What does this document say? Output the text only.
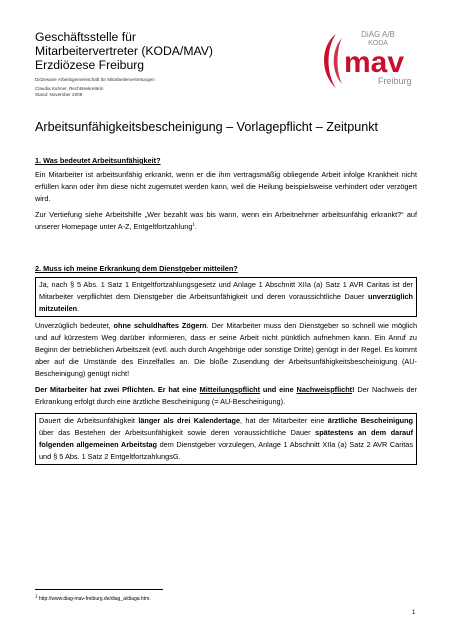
Geschäftsstelle für
Mitarbeitervertreter (KODA/MAV)
Erzdiözese Freiburg
Diözesane Arbeitsgemeinschaft für Mitarbeitervertretungen
Claudia Kuhner, Rechtssekretärin
Stand: November 2008
DiAG A/B
KODA
mav
Freiburg
Arbeitsunfähigkeitsbescheinigung – Vorlagepflicht – Zeitpunkt
1. Was bedeutet Arbeitsunfähigkeit?
Ein Mitarbeiter ist arbeitsunfähig erkrankt, wenn er die ihm vertragsmäßig obliegende Arbeit infolge Krankheit nicht erfüllen kann oder ihm diese nicht zugemutet werden kann, weil die Heilung beispielsweise verhindert oder verzögert wird.
Zur Vertiefung siehe Arbeitshilfe „Wer bezahlt was bis wann, wenn ein Arbeitnehmer arbeitsunfähig erkrankt?“ auf unserer Homepage unter A-Z, Entgeltfortzahlung$^1$.
2. Muss ich meine Erkrankung dem Dienstgeber mitteilen?
Ja, nach § 5 Abs. 1 Satz 1 Entgeltfortzahlungsgesetz und Anlage 1 Abschnitt XIIa (a) Satz 1 AVR Caritas ist der Mitarbeiter verpflichtet dem Dienstgeber die Arbeitsunfähigkeit und deren voraussichtliche Dauer unverzüglich mitzuteilen.
Unverzüglich bedeutet, ohne schuldhaftes Zögern. Der Mitarbeiter muss den Dienstgeber so schnell wie möglich und auf kürzestem Weg darüber informieren, dass er seine Arbeit nicht pünktlich aufnehmen kann. Ein Anruf zu Beginn der betrieblichen Arbeitszeit (evtl. auch durch Angehörige oder sonstige Dritte) genügt in der Regel. Es kommt aber auf die Umstände des Einzelfalles an. Die bloße Zusendung der Arbeitsunfähigkeitsbescheinigung (AU-Bescheinigung) genügt nicht!
Der Mitarbeiter hat zwei Pflichten. Er hat eine Mitteilungspflicht und eine Nachweispflicht! Der Nachweis der Erkrankung erfolgt durch eine ärztliche Bescheinigung (= AU-Bescheinigung).
Dauert die Arbeitsunfähigkeit länger als drei Kalendertage, hat der Mitarbeiter eine ärztliche Bescheinigung über das Bestehen der Arbeitsunfähigkeit sowie deren voraussichtliche Dauer spätestens an dem darauf folgenden allgemeinen Arbeitstag dem Dienstgeber vorzulegen, Anlage 1 Abschnitt XIIa (a) Satz 2 AVR Caritas und § 5 Abs. 1 Satz 2 EntgeltfortzahlungsG.
$^1$ http://www.diag-mav-freiburg.de/diag_a/diaga.htm.
1
